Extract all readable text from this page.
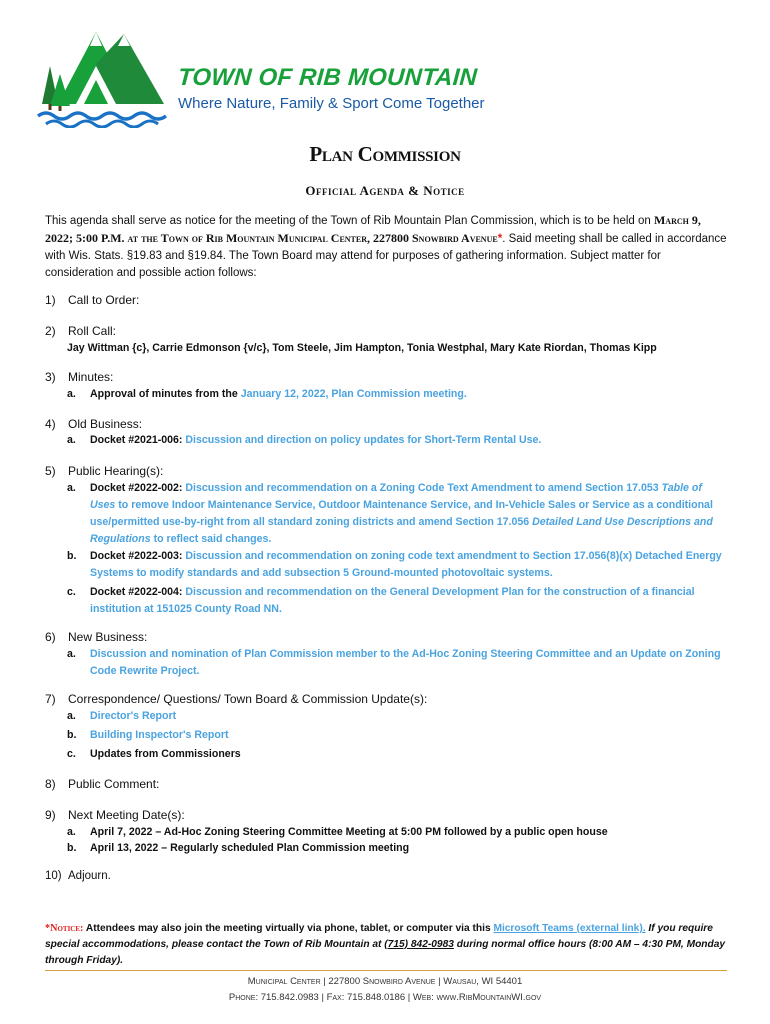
TOWN OF RIB MOUNTAIN
Where Nature, Family & Sport Come Together
Plan Commission
Official Agenda & Notice
This agenda shall serve as notice for the meeting of the Town of Rib Mountain Plan Commission, which is to be held on March 9, 2022; 5:00 P.M. at the Town of Rib Mountain Municipal Center, 227800 Snowbird Avenue*. Said meeting shall be called in accordance with Wis. Stats. §19.83 and §19.84. The Town Board may attend for purposes of gathering information. Subject matter for consideration and possible action follows:
1)	Call to Order:
2)	Roll Call:
Jay Wittman {c}, Carrie Edmonson {v/c}, Tom Steele, Jim Hampton, Tonia Westphal, Mary Kate Riordan, Thomas Kipp
3)	Minutes:
a. Approval of minutes from the January 12, 2022, Plan Commission meeting.
4)	Old Business:
a. Docket #2021-006: Discussion and direction on policy updates for Short-Term Rental Use.
5)	Public Hearing(s):
a. Docket #2022-002: Discussion and recommendation on a Zoning Code Text Amendment to amend Section 17.053 Table of Uses to remove Indoor Maintenance Service, Outdoor Maintenance Service, and In-Vehicle Sales or Service as a conditional use/permitted use-by-right from all standard zoning districts and amend Section 17.056 Detailed Land Use Descriptions and Regulations to reflect said changes.
b. Docket #2022-003: Discussion and recommendation on zoning code text amendment to Section 17.056(8)(x) Detached Energy Systems to modify standards and add subsection 5 Ground-mounted photovoltaic systems.
c. Docket #2022-004: Discussion and recommendation on the General Development Plan for the construction of a financial institution at 151025 County Road NN.
6)	New Business:
a. Discussion and nomination of Plan Commission member to the Ad-Hoc Zoning Steering Committee and an Update on Zoning Code Rewrite Project.
7)	Correspondence/ Questions/ Town Board & Commission Update(s):
a. Director's Report
b. Building Inspector's Report
c. Updates from Commissioners
8)	Public Comment:
9)	Next Meeting Date(s):
a. April 7, 2022 – Ad-Hoc Zoning Steering Committee Meeting at 5:00 PM followed by a public open house
b. April 13, 2022 – Regularly scheduled Plan Commission meeting
10) Adjourn.
*Notice: Attendees may also join the meeting virtually via phone, tablet, or computer via this Microsoft Teams (external link). If you require special accommodations, please contact the Town of Rib Mountain at (715) 842-0983 during normal office hours (8:00 AM – 4:30 PM, Monday through Friday).
Municipal Center | 227800 Snowbird Avenue | Wausau, WI 54401
Phone: 715.842.0983 | Fax: 715.848.0186 | Web: www.RibMountainWI.gov
